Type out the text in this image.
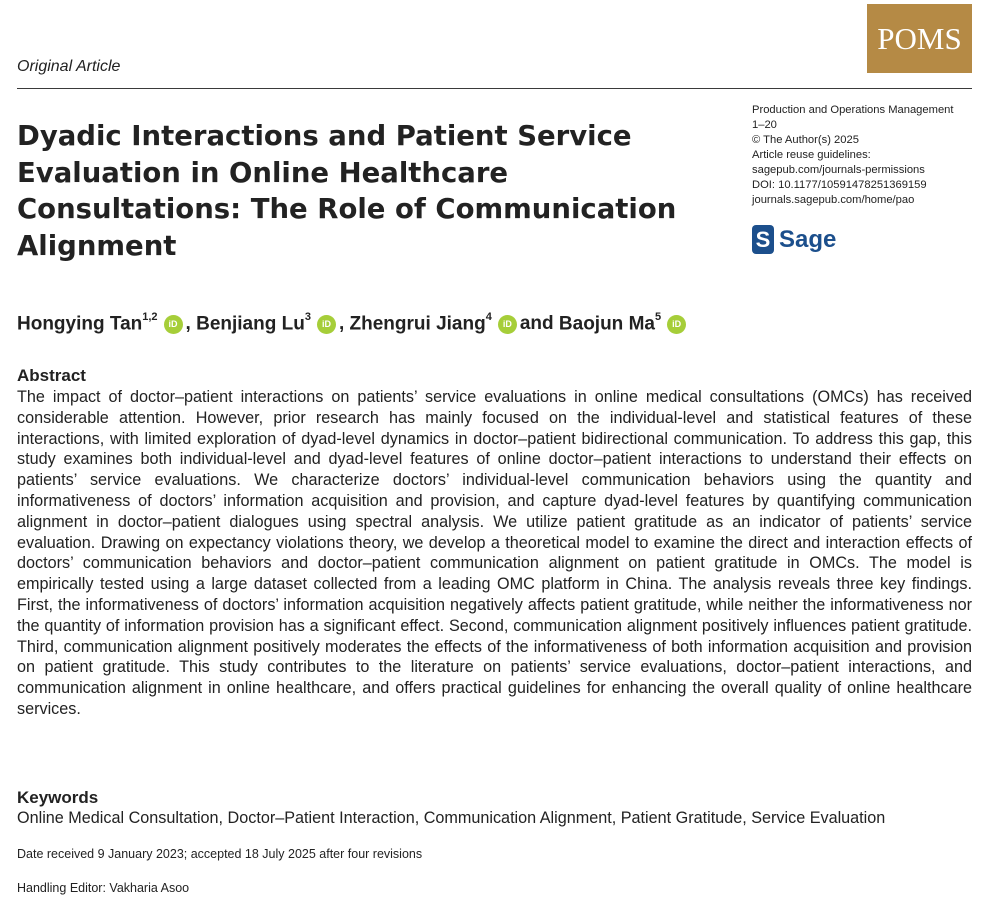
Original Article
POMS
Dyadic Interactions and Patient Service Evaluation in Online Healthcare Consultations: The Role of Communication Alignment
Production and Operations Management
1–20
© The Author(s) 2025
Article reuse guidelines:
sagepub.com/journals-permissions
DOI: 10.1177/10591478251369159
journals.sagepub.com/home/pao
S Sage
Hongying Tan$^{1,2}$
iD ,
Benjiang Lu$^3$
iD ,
Zhengrui Jiang$^4$
iD and
Baojun Ma$^5$
iD
Abstract

The impact of doctor–patient interactions on patients’ service evaluations in online medical consultations (OMCs) has received considerable attention. However, prior research has mainly focused on the individual-level and statistical features of these interactions, with limited exploration of dyad-level dynamics in doctor–patient bidirectional communication. To address this gap, this study examines both individual-level and dyad-level features of online doctor–patient interactions to understand their effects on patients’ service evaluations. We characterize doctors’ individual-level communication behaviors using the quantity and informativeness of doctors’ information acquisition and provision, and capture dyad-level features by quantifying communication alignment in doctor–patient dialogues using spectral analysis. We utilize patient gratitude as an indicator of patients’ service evaluation. Drawing on expectancy violations theory, we develop a theoretical model to examine the direct and interaction effects of doctors’ communication behaviors and doctor–patient communication alignment on patient gratitude in OMCs. The model is empirically tested using a large dataset collected from a leading OMC platform in China. The analysis reveals three key findings. First, the informativeness of doctors’ information acquisition negatively affects patient gratitude, while neither the informativeness nor the quantity of information provision has a significant effect. Second, communication alignment positively influences patient gratitude. Third, communication alignment positively moderates the effects of the informativeness of both information acquisition and provision on patient gratitude. This study contributes to the literature on patients’ service evaluations, doctor–patient interactions, and communication alignment in online healthcare, and offers practical guidelines for enhancing the overall quality of online healthcare services.

Keywords

Online Medical Consultation, Doctor–Patient Interaction, Communication Alignment, Patient Gratitude, Service Evaluation

Date received 9 January 2023; accepted 18 July 2025 after four revisions

Handling Editor: Vakharia Asoo
